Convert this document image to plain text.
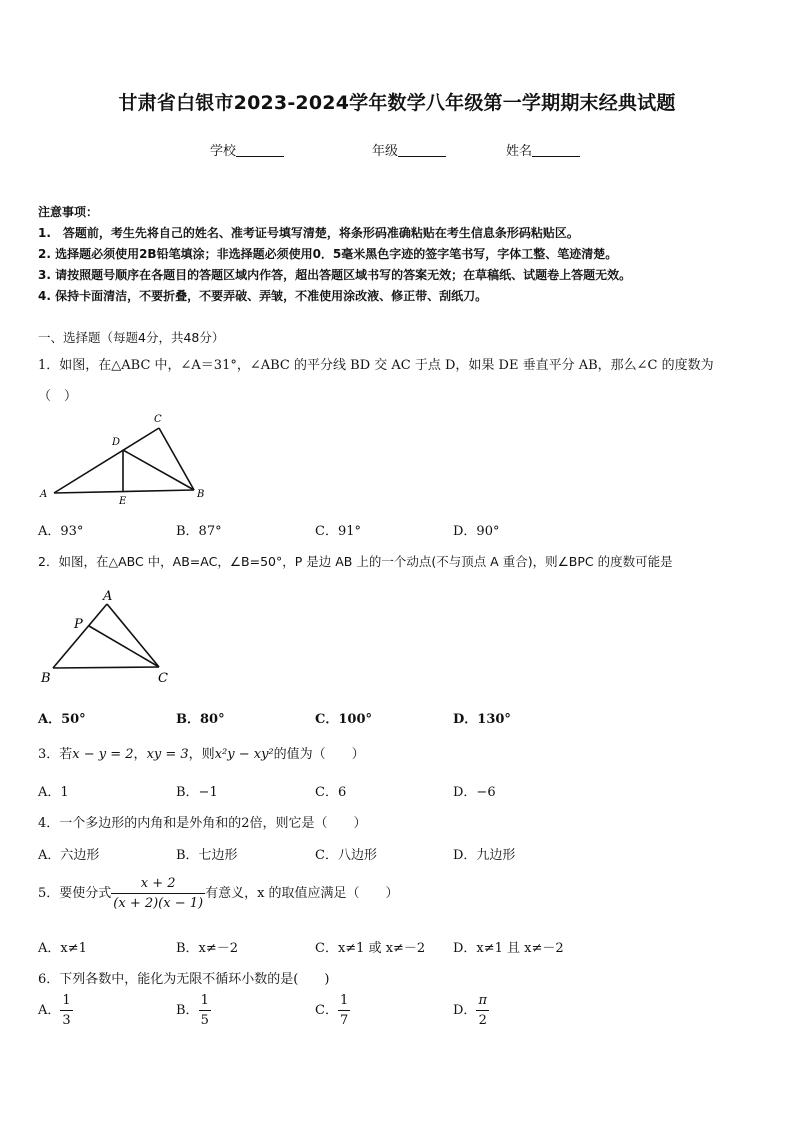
甘肃省白银市2023-2024学年数学八年级第一学期期末经典试题
学校	年级	姓名
注意事项：
1.　答题前，考生先将自己的姓名、准考证号填写清楚，将条形码准确粘贴在考生信息条形码粘贴区。
2. 选择题必须使用2B铅笔填涂；非选择题必须使用0．5毫米黑色字迹的签字笔书写，字体工整、笔迹清楚。
3. 请按照题号顺序在各题目的答题区域内作答，超出答题区域书写的答案无效；在草稿纸、试题卷上答题无效。
4. 保持卡面清洁，不要折叠，不要弄破、弄皱，不准使用涂改液、修正带、刮纸刀。
一、选择题（每题4分，共48分）
1．如图，在△ABC 中，∠A＝31°，∠ABC 的平分线 BD 交 AC 于点 D，如果 DE 垂直平分 AB，那么∠C 的度数为
（　）
A	B
C
D
E
A．93°	B．87°	C．91°	D．90°
2．如图，在△ABC 中，AB=AC，∠B=50°，P 是边 AB 上的一个动点(不与顶点 A 重合)，则∠BPC 的度数可能是
A
P
B	C
A．50°	B．80°	C．100°	D．130°
3．若x − y = 2，xy = 3，则x²y − xy²的值为（　　）
A．1	B．−1	C．6	D．−6
4．一个多边形的内角和是外角和的2倍，则它是（　　）
A．六边形	B．七边形	C．八边形	D．九边形
5．要使分式 $\frac{x + 2}{(x + 2)(x - 1)}$ 有意义，x 的取值应满足（　　）
A．x≠1	B．x≠－2	C．x≠1 或 x≠－2 D．x≠1 且 x≠－2
6．下列各数中，能化为无限不循环小数的是(　　)
A． $\frac{1}{3}$	B． $\frac{1}{5}$	C． $\frac{1}{7}$	D． $\frac{\pi}{2}$
